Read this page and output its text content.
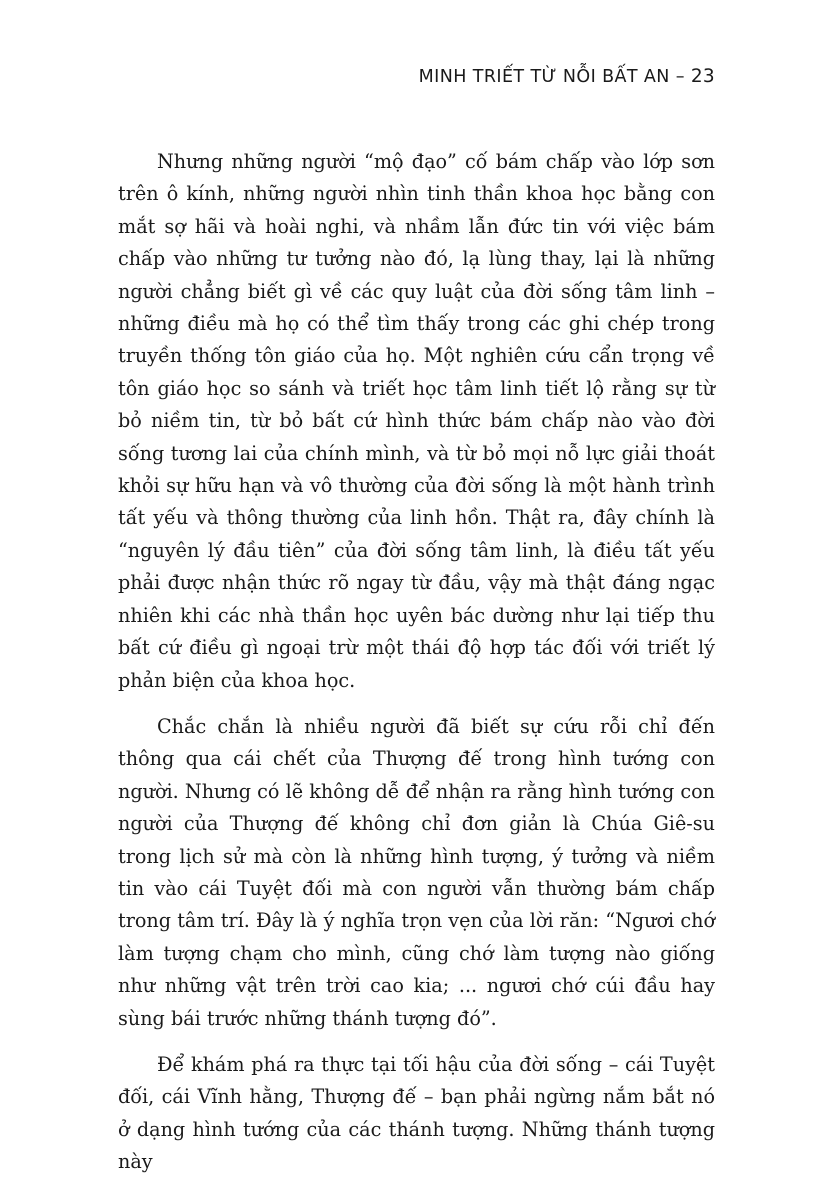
MINH TRIẾT TỪ NỖI BẤT AN – 23

Nhưng những người “mộ đạo” cố bám chấp vào lớp sơn trên ô kính, những người nhìn tinh thần khoa học bằng con mắt sợ hãi và hoài nghi, và nhầm lẫn đức tin với việc bám chấp vào những tư tưởng nào đó, lạ lùng thay, lại là những người chẳng biết gì về các quy luật của đời sống tâm linh – những điều mà họ có thể tìm thấy trong các ghi chép trong truyền thống tôn giáo của họ. Một nghiên cứu cẩn trọng về tôn giáo học so sánh và triết học tâm linh tiết lộ rằng sự từ bỏ niềm tin, từ bỏ bất cứ hình thức bám chấp nào vào đời sống tương lai của chính mình, và từ bỏ mọi nỗ lực giải thoát khỏi sự hữu hạn và vô thường của đời sống là một hành trình tất yếu và thông thường của linh hồn. Thật ra, đây chính là “nguyên lý đầu tiên” của đời sống tâm linh, là điều tất yếu phải được nhận thức rõ ngay từ đầu, vậy mà thật đáng ngạc nhiên khi các nhà thần học uyên bác dường như lại tiếp thu bất cứ điều gì ngoại trừ một thái độ hợp tác đối với triết lý phản biện của khoa học.

Chắc chắn là nhiều người đã biết sự cứu rỗi chỉ đến thông qua cái chết của Thượng đế trong hình tướng con người. Nhưng có lẽ không dễ để nhận ra rằng hình tướng con người của Thượng đế không chỉ đơn giản là Chúa Giê-su trong lịch sử mà còn là những hình tượng, ý tưởng và niềm tin vào cái Tuyệt đối mà con người vẫn thường bám chấp trong tâm trí. Đây là ý nghĩa trọn vẹn của lời răn: “Ngươi chớ làm tượng chạm cho mình, cũng chớ làm tượng nào giống như những vật trên trời cao kia; ... ngươi chớ cúi đầu hay sùng bái trước những thánh tượng đó”.

Để khám phá ra thực tại tối hậu của đời sống – cái Tuyệt đối, cái Vĩnh hằng, Thượng đế – bạn phải ngừng nắm bắt nó ở dạng hình tướng của các thánh tượng. Những thánh tượng này
